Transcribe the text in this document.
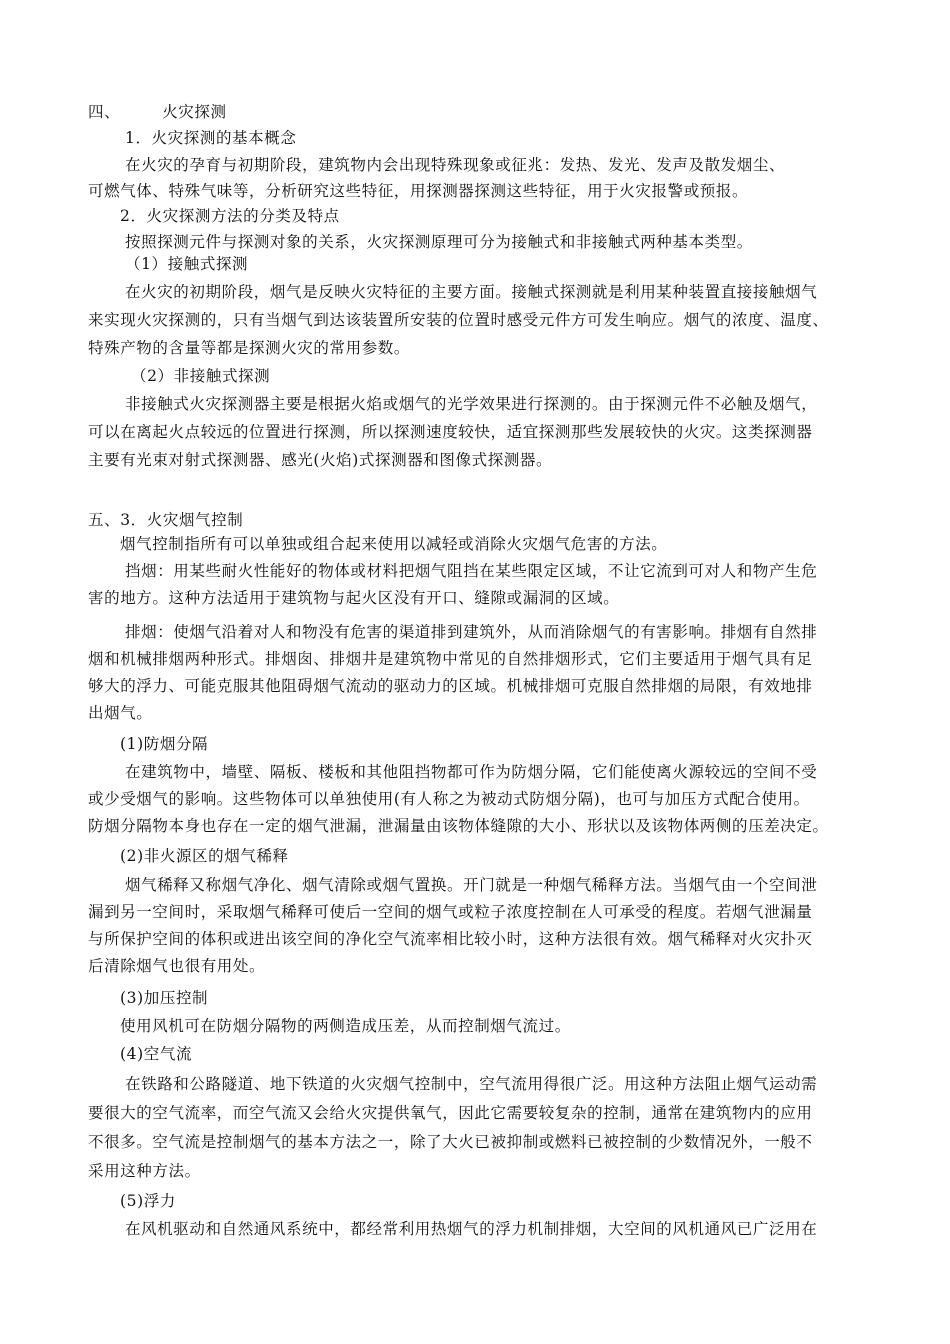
四、	火灾探测
1．火灾探测的基本概念
在火灾的孕育与初期阶段，建筑物内会出现特殊现象或征兆：发热、发光、发声及散发烟尘、
可燃气体、特殊气味等，分析研究这些特征，用探测器探测这些特征，用于火灾报警或预报。
2．火灾探测方法的分类及特点
按照探测元件与探测对象的关系，火灾探测原理可分为接触式和非接触式两种基本类型。
（1）接触式探测
在火灾的初期阶段，烟气是反映火灾特征的主要方面。接触式探测就是利用某种装置直接接触烟气
来实现火灾探测的，只有当烟气到达该装置所安装的位置时感受元件方可发生响应。烟气的浓度、温度、
特殊产物的含量等都是探测火灾的常用参数。
（2）非接触式探测
非接触式火灾探测器主要是根据火焰或烟气的光学效果进行探测的。由于探测元件不必触及烟气，
可以在离起火点较远的位置进行探测，所以探测速度较快，适宜探测那些发展较快的火灾。这类探测器
主要有光束对射式探测器、感光(火焰)式探测器和图像式探测器。
五、3．火灾烟气控制
烟气控制指所有可以单独或组合起来使用以减轻或消除火灾烟气危害的方法。
挡烟：用某些耐火性能好的物体或材料把烟气阻挡在某些限定区域，不让它流到可对人和物产生危
害的地方。这种方法适用于建筑物与起火区没有开口、缝隙或漏洞的区域。
排烟：使烟气沿着对人和物没有危害的渠道排到建筑外，从而消除烟气的有害影响。排烟有自然排
烟和机械排烟两种形式。排烟囱、排烟井是建筑物中常见的自然排烟形式，它们主要适用于烟气具有足
够大的浮力、可能克服其他阻碍烟气流动的驱动力的区域。机械排烟可克服自然排烟的局限，有效地排
出烟气。
(1)防烟分隔
在建筑物中，墙壁、隔板、楼板和其他阻挡物都可作为防烟分隔，它们能使离火源较远的空间不受
或少受烟气的影响。这些物体可以单独使用(有人称之为被动式防烟分隔)，也可与加压方式配合使用。
防烟分隔物本身也存在一定的烟气泄漏，泄漏量由该物体缝隙的大小、形状以及该物体两侧的压差决定。
(2)非火源区的烟气稀释
烟气稀释又称烟气净化、烟气清除或烟气置换。开门就是一种烟气稀释方法。当烟气由一个空间泄
漏到另一空间时，采取烟气稀释可使后一空间的烟气或粒子浓度控制在人可承受的程度。若烟气泄漏量
与所保护空间的体积或进出该空间的净化空气流率相比较小时，这种方法很有效。烟气稀释对火灾扑灭
后清除烟气也很有用处。
(3)加压控制
使用风机可在防烟分隔物的两侧造成压差，从而控制烟气流过。
(4)空气流
在铁路和公路隧道、地下铁道的火灾烟气控制中，空气流用得很广泛。用这种方法阻止烟气运动需
要很大的空气流率，而空气流又会给火灾提供氧气，因此它需要较复杂的控制，通常在建筑物内的应用
不很多。空气流是控制烟气的基本方法之一，除了大火已被抑制或燃料已被控制的少数情况外，一般不
采用这种方法。
(5)浮力
在风机驱动和自然通风系统中，都经常利用热烟气的浮力机制排烟，大空间的风机通风已广泛用在
